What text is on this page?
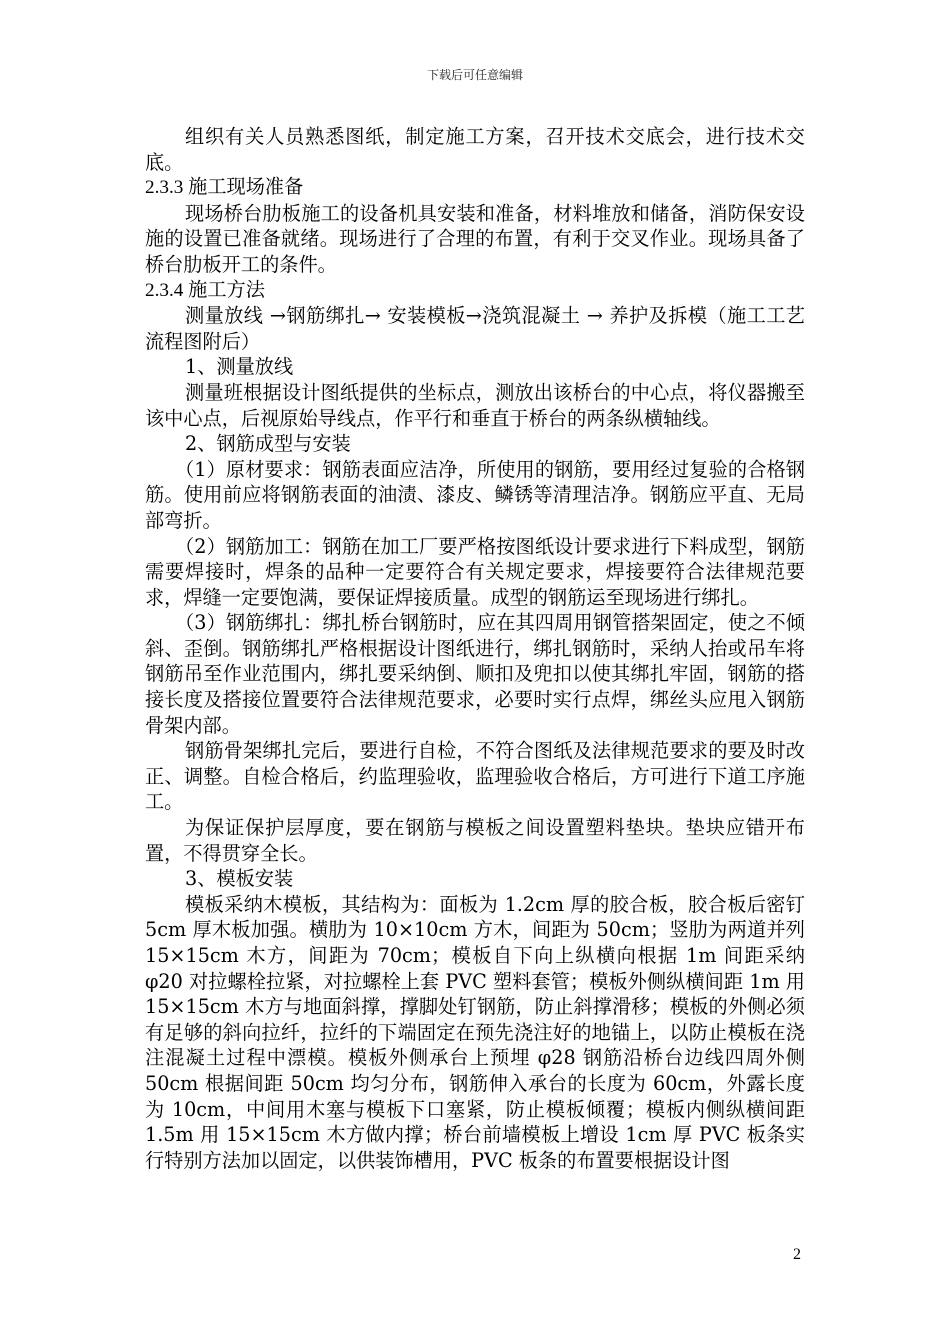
下载后可任意编辑

组织有关人员熟悉图纸，制定施工方案，召开技术交底会，进行技术交底。

2.3.3 施工现场准备

现场桥台肋板施工的设备机具安装和准备，材料堆放和储备，消防保安设施的设置已准备就绪。现场进行了合理的布置，有利于交叉作业。现场具备了桥台肋板开工的条件。

2.3.4 施工方法

测量放线 →钢筋绑扎→ 安装模板→浇筑混凝土 → 养护及拆模（施工工艺流程图附后）

1、测量放线

测量班根据设计图纸提供的坐标点，测放出该桥台的中心点，将仪器搬至该中心点，后视原始导线点，作平行和垂直于桥台的两条纵横轴线。

2、钢筋成型与安装

（1）原材要求：钢筋表面应洁净，所使用的钢筋，要用经过复验的合格钢筋。使用前应将钢筋表面的油渍、漆皮、鳞锈等清理洁净。钢筋应平直、无局部弯折。

（2）钢筋加工：钢筋在加工厂要严格按图纸设计要求进行下料成型，钢筋需要焊接时，焊条的品种一定要符合有关规定要求，焊接要符合法律规范要求，焊缝一定要饱满，要保证焊接质量。成型的钢筋运至现场进行绑扎。

（3）钢筋绑扎：绑扎桥台钢筋时，应在其四周用钢管搭架固定，使之不倾斜、歪倒。钢筋绑扎严格根据设计图纸进行，绑扎钢筋时，采纳人抬或吊车将钢筋吊至作业范围内，绑扎要采纳倒、顺扣及兜扣以使其绑扎牢固，钢筋的搭接长度及搭接位置要符合法律规范要求，必要时实行点焊，绑丝头应甩入钢筋骨架内部。

钢筋骨架绑扎完后，要进行自检，不符合图纸及法律规范要求的要及时改正、调整。自检合格后，约监理验收，监理验收合格后，方可进行下道工序施工。

为保证保护层厚度，要在钢筋与模板之间设置塑料垫块。垫块应错开布置，不得贯穿全长。

3、模板安装

模板采纳木模板，其结构为：面板为 1.2cm 厚的胶合板，胶合板后密钉 5cm 厚木板加强。横肋为 10×10cm 方木，间距为 50cm；竖肋为两道并列 15×15cm 木方，间距为 70cm；模板自下向上纵横向根据 1m 间距采纳 φ20 对拉螺栓拉紧，对拉螺栓上套 PVC 塑料套管；模板外侧纵横间距 1m 用 15×15cm 木方与地面斜撑，撑脚处钉钢筋，防止斜撑滑移；模板的外侧必须有足够的斜向拉纤，拉纤的下端固定在预先浇注好的地锚上，以防止模板在浇注混凝土过程中漂模。模板外侧承台上预埋 φ28 钢筋沿桥台边线四周外侧 50cm 根据间距 50cm 均匀分布，钢筋伸入承台的长度为 60cm，外露长度为 10cm，中间用木塞与模板下口塞紧，防止模板倾覆；模板内侧纵横间距 1.5m 用 15×15cm 木方做内撑；桥台前墙模板上增设 1cm 厚 PVC 板条实行特别方法加以固定，以供装饰槽用，PVC 板条的布置要根据设计图

2
